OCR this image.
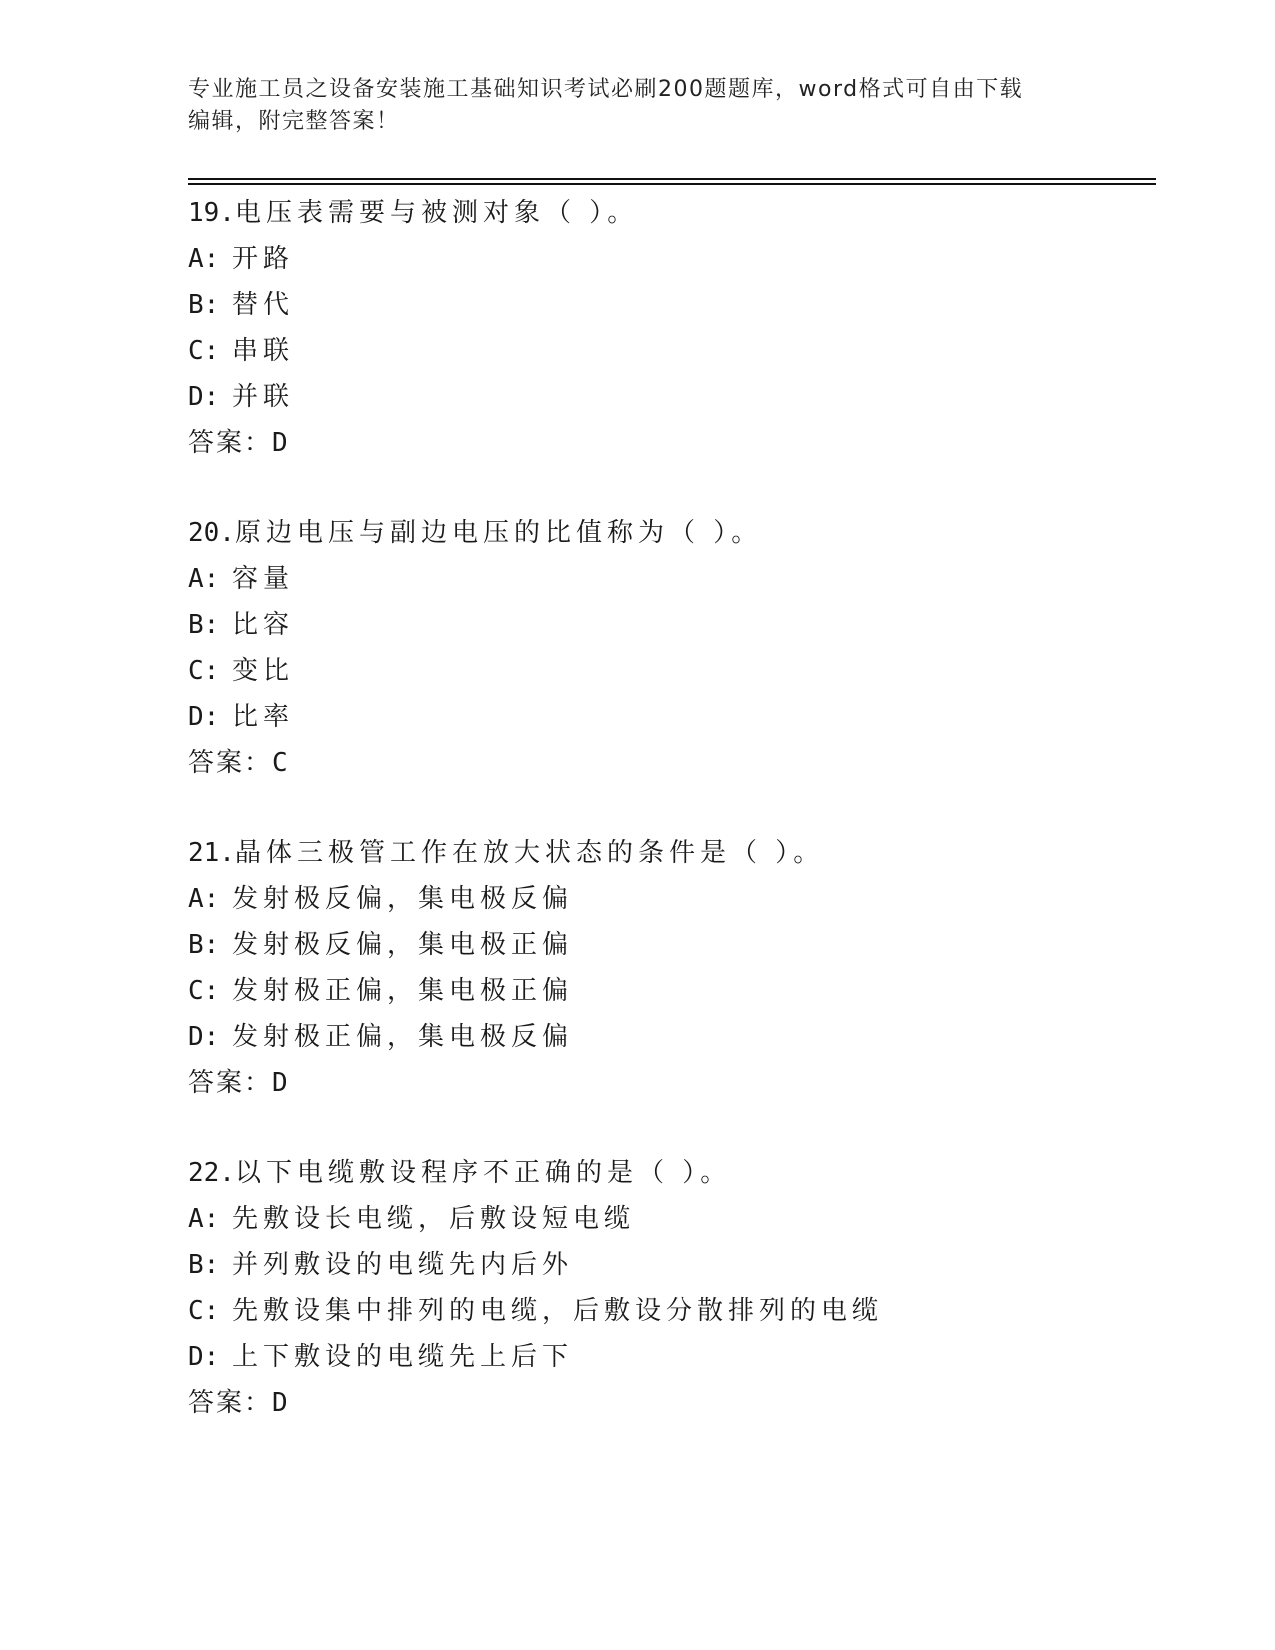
专业施工员之设备安装施工基础知识考试必刷200题题库，word格式可自由下载
编辑，附完整答案！
19.电压表需要与被测对象（ ）。
A: 开路
B: 替代
C: 串联
D: 并联
答案：D
20.原边电压与副边电压的比值称为（ ）。
A: 容量
B: 比容
C: 变比
D: 比率
答案：C
21.晶体三极管工作在放大状态的条件是（ ）。
A: 发射极反偏，集电极反偏
B: 发射极反偏，集电极正偏
C: 发射极正偏，集电极正偏
D: 发射极正偏，集电极反偏
答案：D
22.以下电缆敷设程序不正确的是（ ）。
A: 先敷设长电缆，后敷设短电缆
B: 并列敷设的电缆先内后外
C: 先敷设集中排列的电缆，后敷设分散排列的电缆
D: 上下敷设的电缆先上后下
答案：D
